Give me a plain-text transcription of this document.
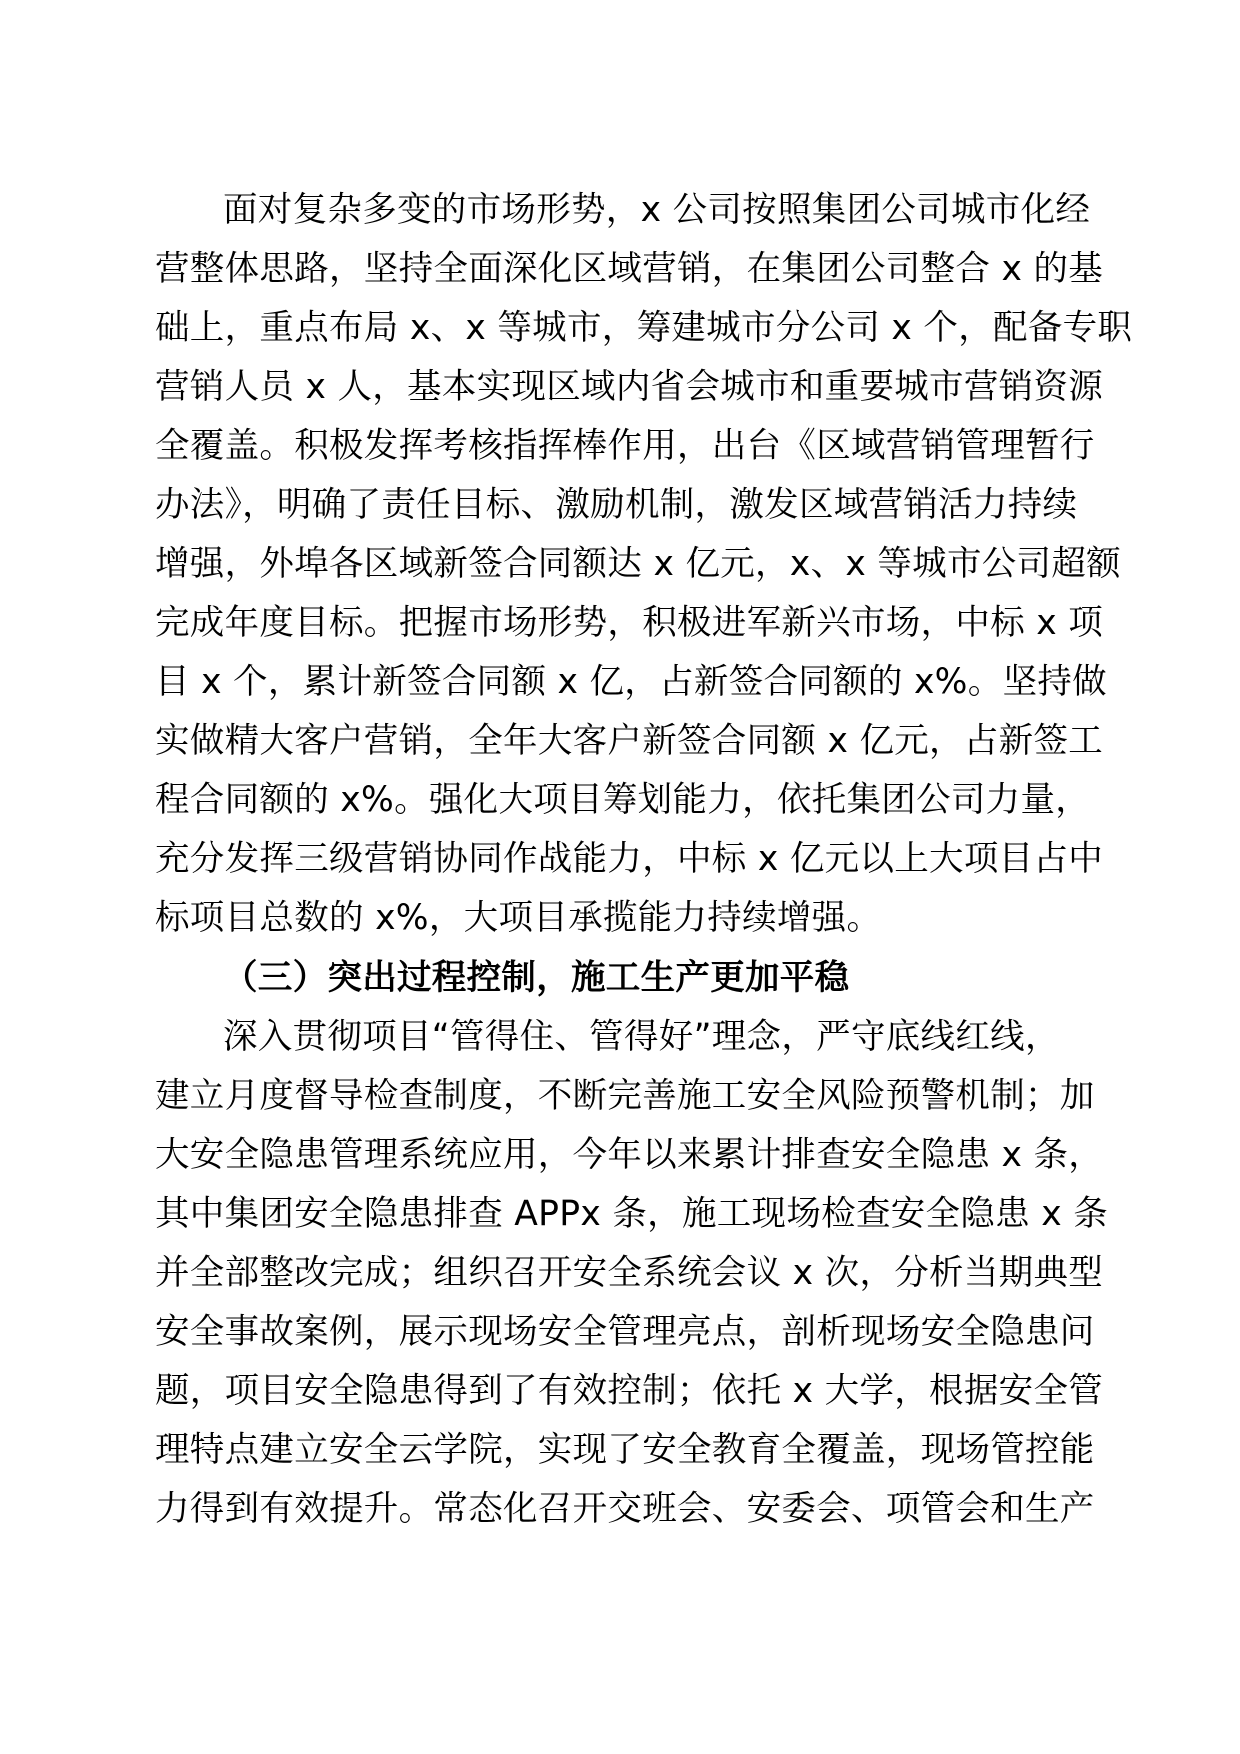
面对复杂多变的市场形势，x 公司按照集团公司城市化经
营整体思路，坚持全面深化区域营销，在集团公司整合 x 的基
础上，重点布局 x、x 等城市，筹建城市分公司 x 个，配备专职
营销人员 x 人，基本实现区域内省会城市和重要城市营销资源
全覆盖。积极发挥考核指挥棒作用，出台《区域营销管理暂行
办法》，明确了责任目标、激励机制，激发区域营销活力持续
增强，外埠各区域新签合同额达 x 亿元，x、x 等城市公司超额
完成年度目标。把握市场形势，积极进军新兴市场，中标 x 项
目 x 个，累计新签合同额 x 亿，占新签合同额的 x%。坚持做
实做精大客户营销，全年大客户新签合同额 x 亿元，占新签工
程合同额的 x%。强化大项目筹划能力，依托集团公司力量，
充分发挥三级营销协同作战能力，中标 x 亿元以上大项目占中
标项目总数的 x%，大项目承揽能力持续增强。
（三）突出过程控制，施工生产更加平稳
深入贯彻项目“管得住、管得好”理念，严守底线红线，
建立月度督导检查制度，不断完善施工安全风险预警机制；加
大安全隐患管理系统应用，今年以来累计排查安全隐患 x 条，
其中集团安全隐患排查 APPx 条，施工现场检查安全隐患 x 条
并全部整改完成；组织召开安全系统会议 x 次，分析当期典型
安全事故案例，展示现场安全管理亮点，剖析现场安全隐患问
题，项目安全隐患得到了有效控制；依托 x 大学，根据安全管
理特点建立安全云学院，实现了安全教育全覆盖，现场管控能
力得到有效提升。常态化召开交班会、安委会、项管会和生产
